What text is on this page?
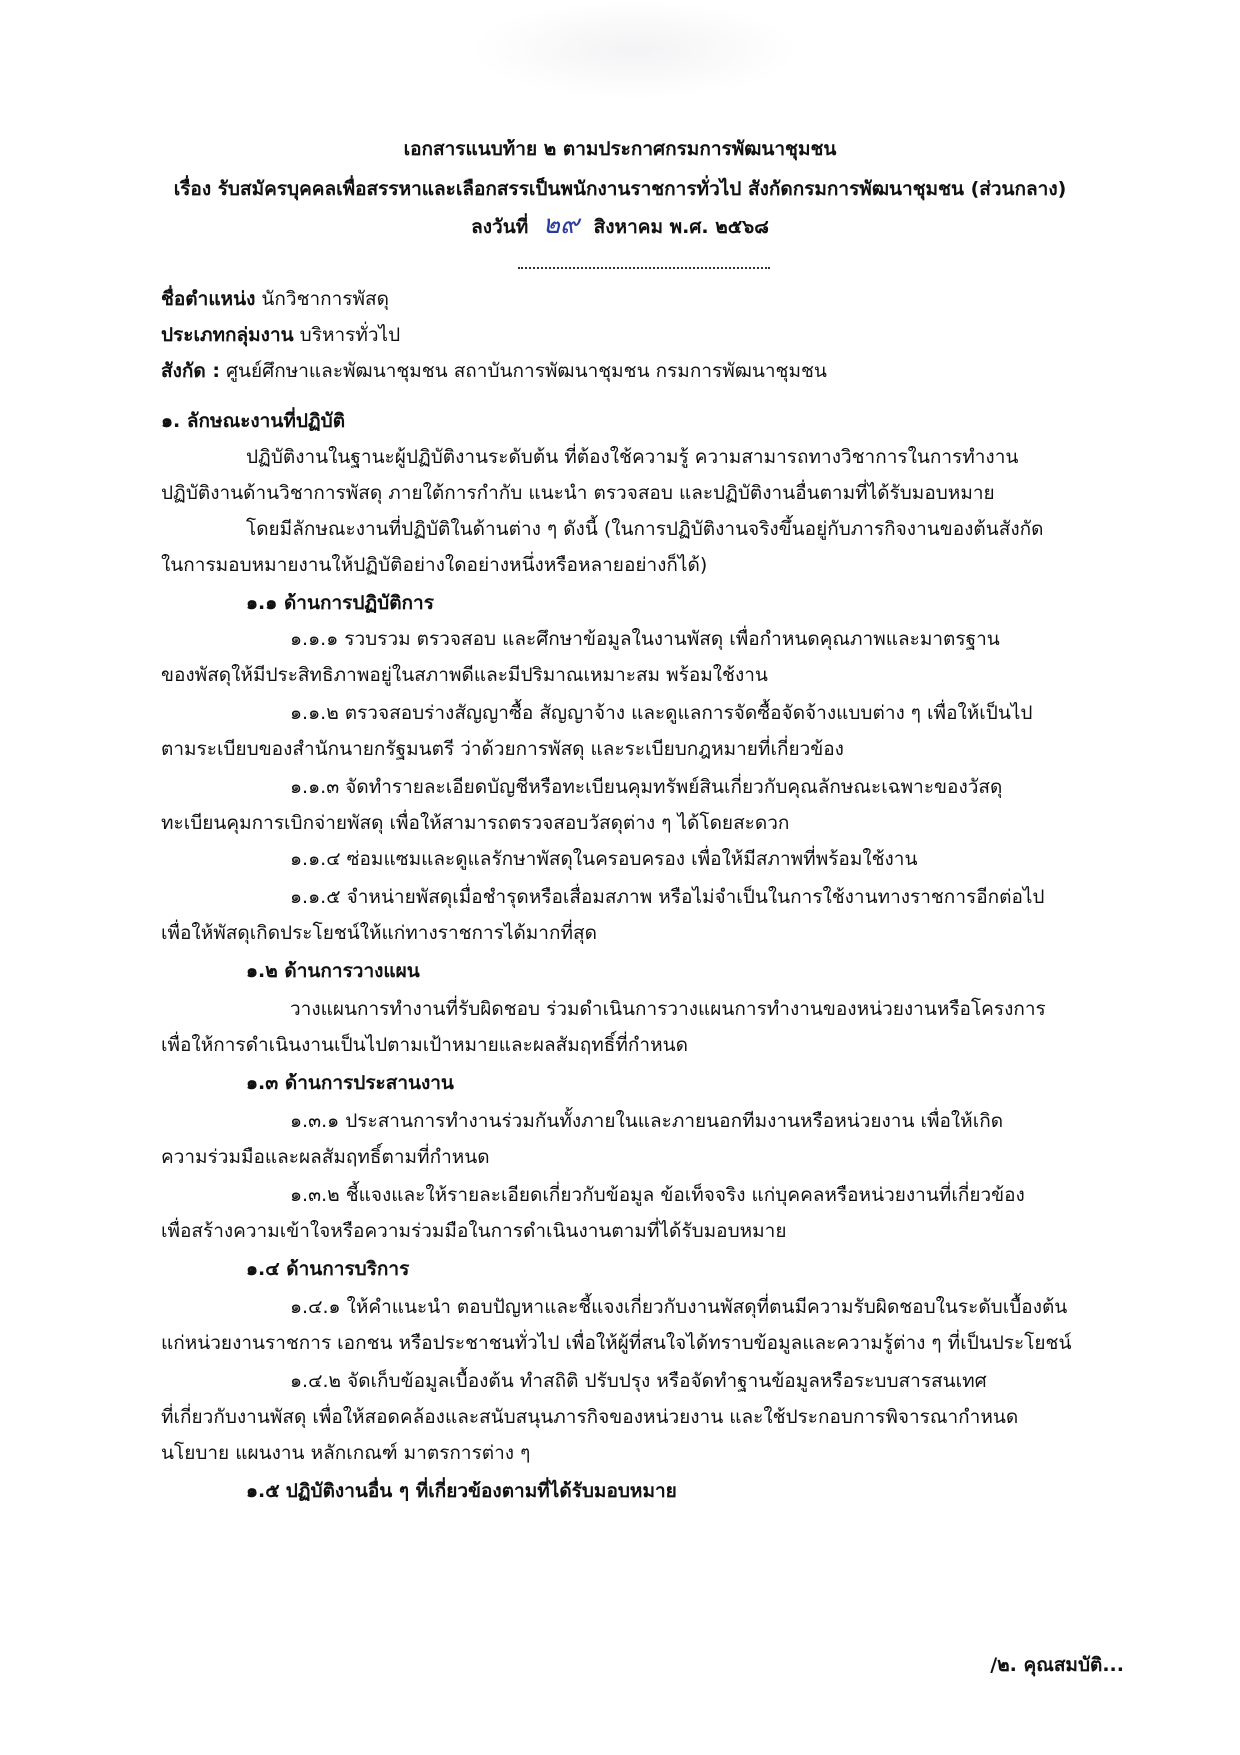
เอกสารแนบท้าย ๒ ตามประกาศกรมการพัฒนาชุมชน
เรื่อง รับสมัครบุคคลเพื่อสรรหาและเลือกสรรเป็นพนักงานราชการทั่วไป สังกัดกรมการพัฒนาชุมชน (ส่วนกลาง)
ลงวันที่ ๒๙ สิงหาคม พ.ศ. ๒๕๖๘
ชื่อตำแหน่ง นักวิชาการพัสดุ
ประเภทกลุ่มงาน บริหารทั่วไป
สังกัด : ศูนย์ศึกษาและพัฒนาชุมชน สถาบันการพัฒนาชุมชน กรมการพัฒนาชุมชน
๑. ลักษณะงานที่ปฏิบัติ
ปฏิบัติงานในฐานะผู้ปฏิบัติงานระดับต้น ที่ต้องใช้ความรู้ ความสามารถทางวิชาการในการทำงาน
ปฏิบัติงานด้านวิชาการพัสดุ ภายใต้การกำกับ แนะนำ ตรวจสอบ และปฏิบัติงานอื่นตามที่ได้รับมอบหมาย
โดยมีลักษณะงานที่ปฏิบัติในด้านต่าง ๆ ดังนี้ (ในการปฏิบัติงานจริงขึ้นอยู่กับภารกิจงานของต้นสังกัด
ในการมอบหมายงานให้ปฏิบัติอย่างใดอย่างหนึ่งหรือหลายอย่างก็ได้)
๑.๑ ด้านการปฏิบัติการ
๑.๑.๑ รวบรวม ตรวจสอบ และศึกษาข้อมูลในงานพัสดุ เพื่อกำหนดคุณภาพและมาตรฐาน
ของพัสดุให้มีประสิทธิภาพอยู่ในสภาพดีและมีปริมาณเหมาะสม พร้อมใช้งาน
๑.๑.๒ ตรวจสอบร่างสัญญาซื้อ สัญญาจ้าง และดูแลการจัดซื้อจัดจ้างแบบต่าง ๆ เพื่อให้เป็นไป
ตามระเบียบของสำนักนายกรัฐมนตรี ว่าด้วยการพัสดุ และระเบียบกฎหมายที่เกี่ยวข้อง
๑.๑.๓ จัดทำรายละเอียดบัญชีหรือทะเบียนคุมทรัพย์สินเกี่ยวกับคุณลักษณะเฉพาะของวัสดุ
ทะเบียนคุมการเบิกจ่ายพัสดุ เพื่อให้สามารถตรวจสอบวัสดุต่าง ๆ ได้โดยสะดวก
๑.๑.๔ ซ่อมแซมและดูแลรักษาพัสดุในครอบครอง เพื่อให้มีสภาพที่พร้อมใช้งาน
๑.๑.๕ จำหน่ายพัสดุเมื่อชำรุดหรือเสื่อมสภาพ หรือไม่จำเป็นในการใช้งานทางราชการอีกต่อไป
เพื่อให้พัสดุเกิดประโยชน์ให้แก่ทางราชการได้มากที่สุด
๑.๒ ด้านการวางแผน
วางแผนการทำงานที่รับผิดชอบ ร่วมดำเนินการวางแผนการทำงานของหน่วยงานหรือโครงการ
เพื่อให้การดำเนินงานเป็นไปตามเป้าหมายและผลสัมฤทธิ์ที่กำหนด
๑.๓ ด้านการประสานงาน
๑.๓.๑ ประสานการทำงานร่วมกันทั้งภายในและภายนอกทีมงานหรือหน่วยงาน เพื่อให้เกิด
ความร่วมมือและผลสัมฤทธิ์ตามที่กำหนด
๑.๓.๒ ชี้แจงและให้รายละเอียดเกี่ยวกับข้อมูล ข้อเท็จจริง แก่บุคคลหรือหน่วยงานที่เกี่ยวข้อง
เพื่อสร้างความเข้าใจหรือความร่วมมือในการดำเนินงานตามที่ได้รับมอบหมาย
๑.๔ ด้านการบริการ
๑.๔.๑ ให้คำแนะนำ ตอบปัญหาและชี้แจงเกี่ยวกับงานพัสดุที่ตนมีความรับผิดชอบในระดับเบื้องต้น
แก่หน่วยงานราชการ เอกชน หรือประชาชนทั่วไป เพื่อให้ผู้ที่สนใจได้ทราบข้อมูลและความรู้ต่าง ๆ ที่เป็นประโยชน์
๑.๔.๒ จัดเก็บข้อมูลเบื้องต้น ทำสถิติ ปรับปรุง หรือจัดทำฐานข้อมูลหรือระบบสารสนเทศ
ที่เกี่ยวกับงานพัสดุ เพื่อให้สอดคล้องและสนับสนุนภารกิจของหน่วยงาน และใช้ประกอบการพิจารณากำหนด
นโยบาย แผนงาน หลักเกณฑ์ มาตรการต่าง ๆ
๑.๕ ปฏิบัติงานอื่น ๆ ที่เกี่ยวข้องตามที่ได้รับมอบหมาย
/๒. คุณสมบัติ...
